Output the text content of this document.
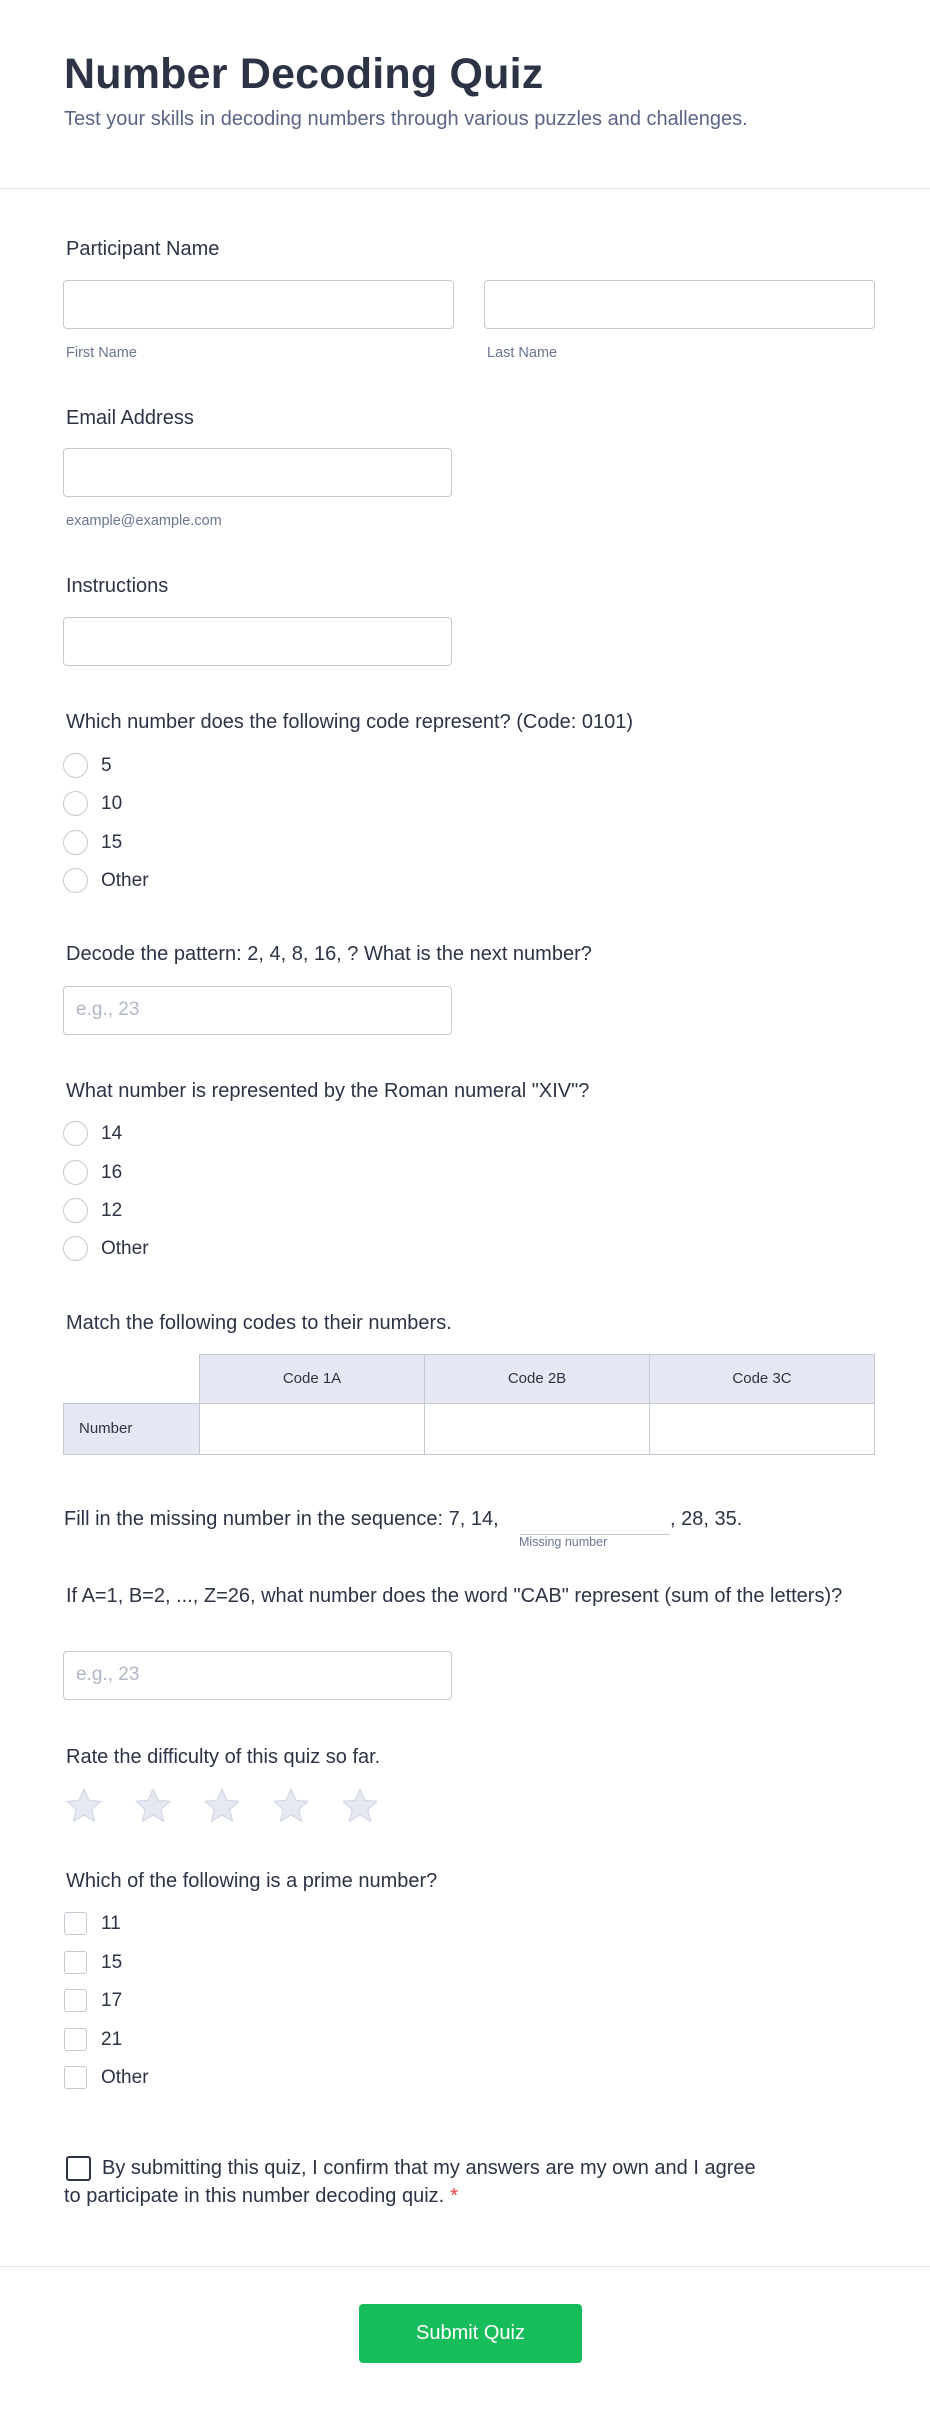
Number Decoding Quiz

Test your skills in decoding numbers through various puzzles and challenges.

Participant Name
First Name	Last Name
Email Address
example@example.com
Instructions
Which number does the following code represent? (Code: 0101)
5
10
15
Other
Decode the pattern: 2, 4, 8, 16, ? What is the next number?
e.g., 23
What number is represented by the Roman numeral "XIV"?
14
16
12
Other
Match the following codes to their numbers.
Code 1A	Code 2B	Code 3C
Number
Fill in the missing number in the sequence: 7, 14,	, 28, 35.
Missing number
If A=1, B=2, ..., Z=26, what number does the word "CAB" represent (sum of the letters)?
e.g., 23
Rate the difficulty of this quiz so far.
Which of the following is a prime number?
11
15
17
21
Other
By submitting this quiz, I confirm that my answers are my own and I agree to participate in this number decoding quiz. *
Submit Quiz
